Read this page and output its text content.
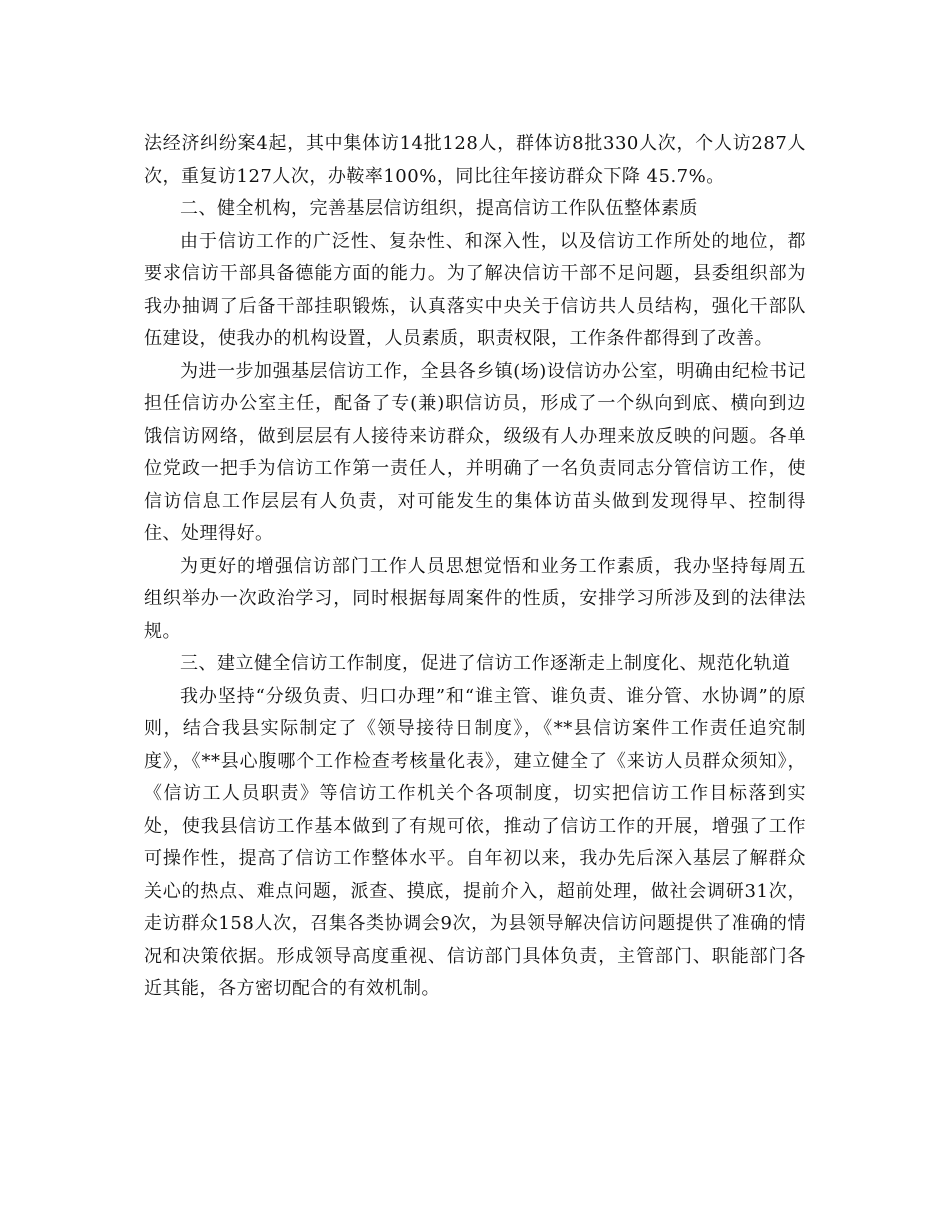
法经济纠纷案4起，其中集体访14批128人，群体访8批330人次，个人访287人次，重复访127人次，办鞍率100%，同比往年接访群众下降 45.7%。

二、健全机构，完善基层信访组织，提高信访工作队伍整体素质

由于信访工作的广泛性、复杂性、和深入性，以及信访工作所处的地位，都要求信访干部具备德能方面的能力。为了解决信访干部不足问题，县委组织部为我办抽调了后备干部挂职锻炼，认真落实中央关于信访共人员结构，强化干部队伍建设，使我办的机构设置，人员素质，职责权限，工作条件都得到了改善。

为进一步加强基层信访工作，全县各乡镇(场)设信访办公室，明确由纪检书记担任信访办公室主任，配备了专(兼)职信访员，形成了一个纵向到底、横向到边饿信访网络，做到层层有人接待来访群众，级级有人办理来放反映的问题。各单位党政一把手为信访工作第一责任人，并明确了一名负责同志分管信访工作，使信访信息工作层层有人负责，对可能发生的集体访苗头做到发现得早、控制得住、处理得好。

为更好的增强信访部门工作人员思想觉悟和业务工作素质，我办坚持每周五组织举办一次政治学习，同时根据每周案件的性质，安排学习所涉及到的法律法规。

三、建立健全信访工作制度，促进了信访工作逐渐走上制度化、规范化轨道

我办坚持“分级负责、归口办理”和“谁主管、谁负责、谁分管、水协调”的原则，结合我县实际制定了《领导接待日制度》，《**县信访案件工作责任追究制度》，《**县心腹哪个工作检查考核量化表》，建立健全了《来访人员群众须知》，《信访工人员职责》等信访工作机关个各项制度，切实把信访工作目标落到实处，使我县信访工作基本做到了有规可依，推动了信访工作的开展，增强了工作可操作性，提高了信访工作整体水平。自年初以来，我办先后深入基层了解群众关心的热点、难点问题，派查、摸底，提前介入，超前处理，做社会调研31次，走访群众158人次，召集各类协调会9次，为县领导解决信访问题提供了准确的情况和决策依据。形成领导高度重视、信访部门具体负责，主管部门、职能部门各近其能，各方密切配合的有效机制。
